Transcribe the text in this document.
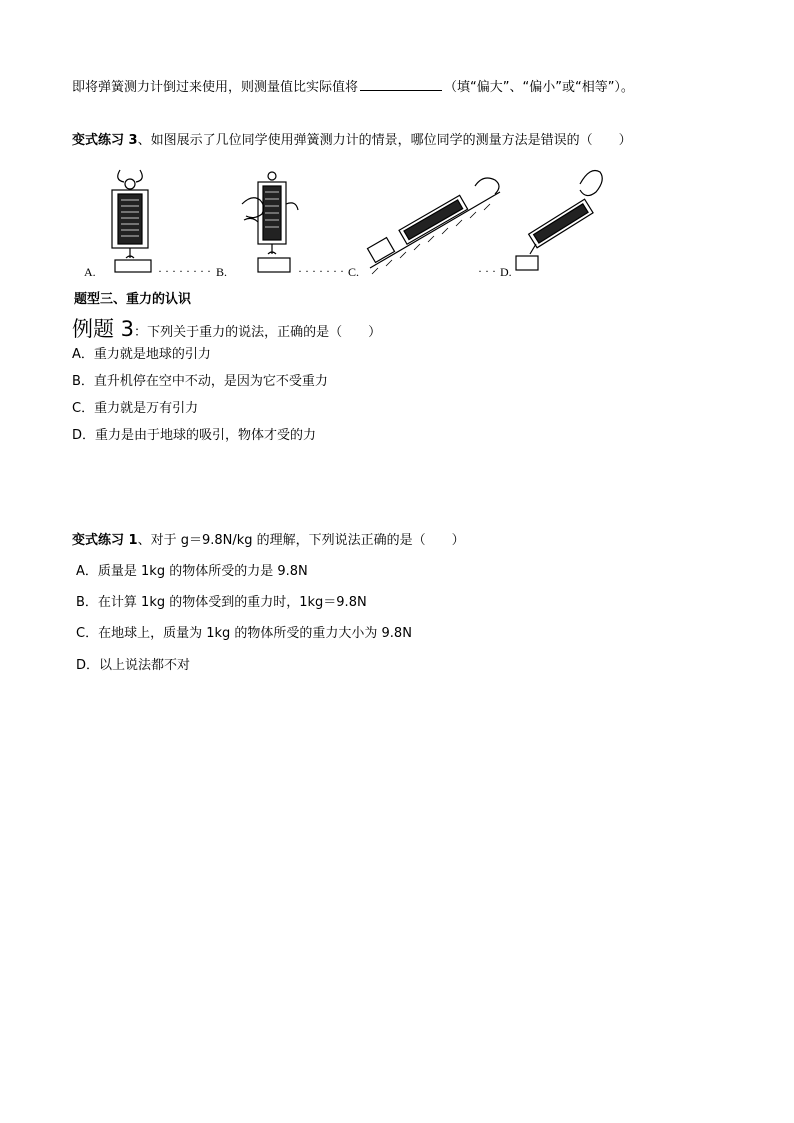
即将弹簧测力计倒过来使用，则测量值比实际值将	（填“偏大”、“偏小”或“相等”）。
变式练习 3、如图展示了几位同学使用弹簧测力计的情景，哪位同学的测量方法是错误的（　　）
A.	· · · · · · · · B.	· · · · · · · C.	· · · D.
题型三、重力的认识
例题 3：下列关于重力的说法，正确的是（　　）
A．重力就是地球的引力
B．直升机停在空中不动，是因为它不受重力
C．重力就是万有引力
D．重力是由于地球的吸引，物体才受的力
变式练习 1、对于 g＝9.8N/kg 的理解，下列说法正确的是（　　）
A．质量是 1kg 的物体所受的力是 9.8N
B．在计算 1kg 的物体受到的重力时，1kg＝9.8N
C．在地球上，质量为 1kg 的物体所受的重力大小为 9.8N
D．以上说法都不对
